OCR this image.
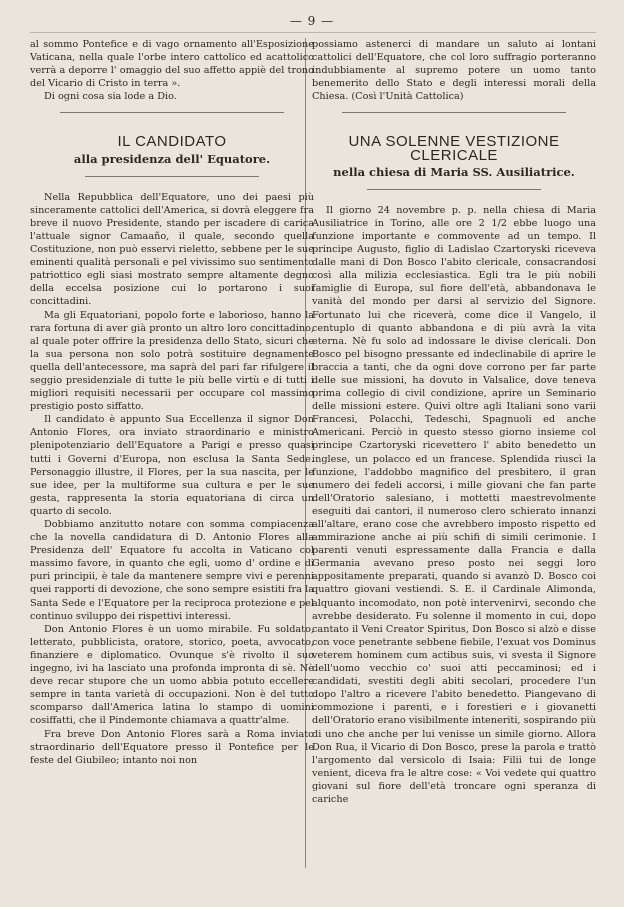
— 9 —

al sommo Pontefice e di vago ornamento all'Esposizione Vaticana, nella quale l'orbe intero cattolico ed acattolico verrà a deporre l' omaggio del suo affetto appiè del trono del Vicario di Cristo in terra ».

Di ogni cosa sia lode a Dio.

IL CANDIDATO
alla presidenza dell' Equatore.

Nella Repubblica dell'Equatore, uno dei paesi più sinceramente cattolici dell'America, si dovrà eleggere fra breve il nuovo Presidente, stando per iscadere di carica l'attuale signor Camaaño, il quale, secondo quella Costituzione, non può esservi rieletto, sebbene per le sue eminenti qualità personali e pel vivissimo suo sentimento patriottico egli siasi mostrato sempre altamente degno della eccelsa posizione cui lo portarono i suoi concittadini.

Ma gli Equatoriani, popolo forte e laborioso, hanno la rara fortuna di aver già pronto un altro loro concittadino, al quale poter offrire la presidenza dello Stato, sicuri che la sua persona non solo potrà sostituire degnamente quella dell'antecessore, ma saprà del pari far rifulgere il seggio presidenziale di tutte le più belle virtù e di tutti i migliori requisiti necessarii per occupare col massimo prestigio posto siffatto.

Il candidato è appunto Sua Eccellenza il signor Don Antonio Flores, ora inviato straordinario e ministro plenipotenziario dell'Equatore a Parigi e presso quasi tutti i Governi d'Europa, non esclusa la Santa Sede. Personaggio illustre, il Flores, per la sua nascita, per le sue idee, per la multiforme sua cultura e per le sue gesta, rappresenta la storia equatoriana di circa un quarto di secolo.

Dobbiamo anzitutto notare con somma compiacenza che la novella candidatura di D. Antonio Flores alla Presidenza dell' Equatore fu accolta in Vaticano col massimo favore, in quanto che egli, uomo d' ordine e di puri principii, è tale da mantenere sempre vivi e perenni quei rapporti di devozione, che sono sempre esistiti fra la Santa Sede e l'Equatore per la reciproca protezione e pel continuo sviluppo dei rispettivi interessi.

Don Antonio Flores è un uomo mirabile. Fu soldato, letterato, pubblicista, oratore, storico, poeta, avvocato, finanziere e diplomatico. Ovunque s'è rivolto il suo ingegno, ivi ha lasciato una profonda impronta di sè. Nè deve recar stupore che un uomo abbia potuto eccellere sempre in tanta varietà di occupazioni. Non è del tutto scomparso dall'America latina lo stampo di uomini cosiffatti, che il Pindemonte chiamava a quattr'alme.

Fra breve Don Antonio Flores sarà a Roma inviato straordinario dell'Equatore presso il Pontefice per le feste del Giubileo; intanto noi non

possiamo astenerci di mandare un saluto ai lontani cattolici dell'Equatore, che col loro suffragio porteranno indubbiamente al supremo potere un uomo tanto benemerito dello Stato e degli interessi morali della Chiesa. (Così l'Unità Cattolica)

UNA SOLENNE VESTIZIONE CLERICALE
nella chiesa di Maria SS. Ausiliatrice.

Il giorno 24 novembre p. p. nella chiesa di Maria Ausiliatrice in Torino, alle ore 2 1/2 ebbe luogo una funzione importante e commovente ad un tempo. Il principe Augusto, figlio di Ladislao Czartoryski riceveva dalle mani di Don Bosco l'abito clericale, consacrandosi così alla milizia ecclesiastica. Egli tra le più nobili famiglie di Europa, sul fiore dell'età, abbandonava le vanità del mondo per darsi al servizio del Signore. Fortunato lui che riceverà, come dice il Vangelo, il centuplo di quanto abbandona e di più avrà la vita eterna. Nè fu solo ad indossare le divise clericali. Don Bosco pel bisogno pressante ed indeclinabile di aprire le braccia a tanti, che da ogni dove corrono per far parte delle sue missioni, ha dovuto in Valsalice, dove teneva prima collegio di civil condizione, aprire un Seminario delle missioni estere. Quivi oltre agli Italiani sono varii Francesi, Polacchi, Tedeschi, Spagnuoli ed anche Americani. Perciò in questo stesso giorno insieme col principe Czartoryski ricevettero l' abito benedetto un inglese, un polacco ed un francese. Splendida riuscì la funzione, l'addobbo magnifico del presbitero, il gran numero dei fedeli accorsi, i mille giovani che fan parte dell'Oratorio salesiano, i mottetti maestrevolmente eseguiti dai cantori, il numeroso clero schierato innanzi all'altare, erano cose che avrebbero imposto rispetto ed ammirazione anche ai più schifi di simili cerimonie. I parenti venuti espressamente dalla Francia e dalla Germania avevano preso posto nei seggi loro appositamente preparati, quando si avanzò D. Bosco coi quattro giovani vestiendi. S. E. il Cardinale Alimonda, alquanto incomodato, non potè intervenirvi, secondo che avrebbe desiderato. Fu solenne il momento in cui, dopo cantato il Veni Creator Spiritus, Don Bosco si alzò e disse con voce penetrante sebbene fiebile, l'exuat vos Dominus veterem hominem cum actibus suis, vi svesta il Signore dell'uomo vecchio co' suoi atti peccaminosi; ed i candidati, svestiti degli abiti secolari, procedere l'un dopo l'altro a ricevere l'abito benedetto. Piangevano di commozione i parenti, e i forestieri e i giovanetti dell'Oratorio erano visibilmente inteneriti, sospirando più di uno che anche per lui venisse un simile giorno. Allora Don Rua, il Vicario di Don Bosco, prese la parola e trattò l'argomento dal versicolo di Isaia: Filii tui de longe venient, diceva fra le altre cose: « Voi vedete qui quattro giovani sul fiore dell'età troncare ogni speranza di cariche
